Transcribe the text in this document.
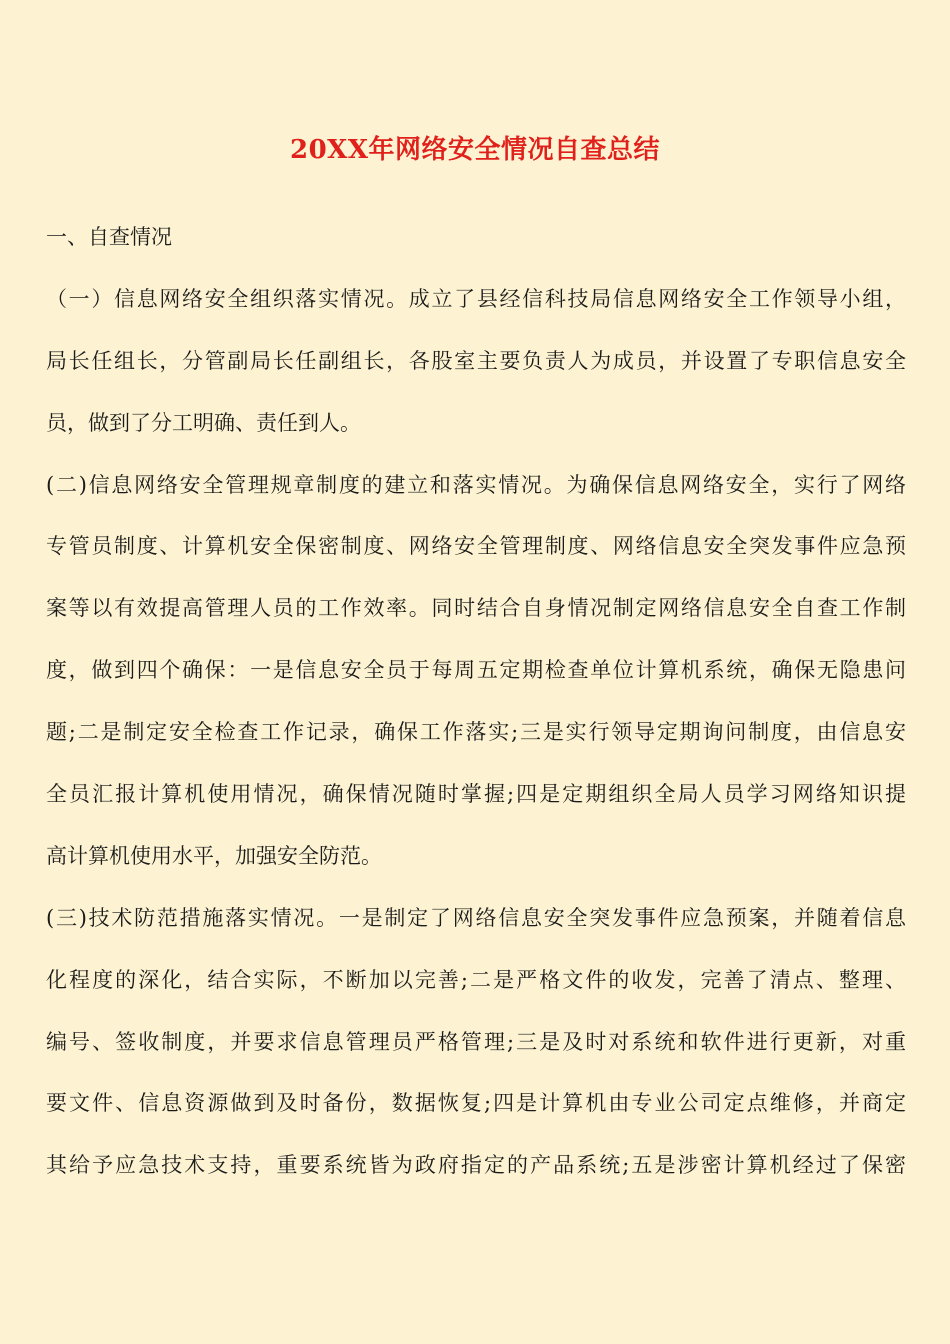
20XX年网络安全情况自查总结
一、自查情况
（一）信息网络安全组织落实情况。成立了县经信科技局信息网络安全工作领导小组，
局长任组长，分管副局长任副组长，各股室主要负责人为成员，并设置了专职信息安全
员，做到了分工明确、责任到人。
(二)信息网络安全管理规章制度的建立和落实情况。为确保信息网络安全，实行了网络
专管员制度、计算机安全保密制度、网络安全管理制度、网络信息安全突发事件应急预
案等以有效提高管理人员的工作效率。同时结合自身情况制定网络信息安全自查工作制
度，做到四个确保：一是信息安全员于每周五定期检查单位计算机系统，确保无隐患问
题;二是制定安全检查工作记录，确保工作落实;三是实行领导定期询问制度，由信息安
全员汇报计算机使用情况，确保情况随时掌握;四是定期组织全局人员学习网络知识提
高计算机使用水平，加强安全防范。
(三)技术防范措施落实情况。一是制定了网络信息安全突发事件应急预案，并随着信息
化程度的深化，结合实际，不断加以完善;二是严格文件的收发，完善了清点、整理、
编号、签收制度，并要求信息管理员严格管理;三是及时对系统和软件进行更新，对重
要文件、信息资源做到及时备份，数据恢复;四是计算机由专业公司定点维修，并商定
其给予应急技术支持，重要系统皆为政府指定的产品系统;五是涉密计算机经过了保密
